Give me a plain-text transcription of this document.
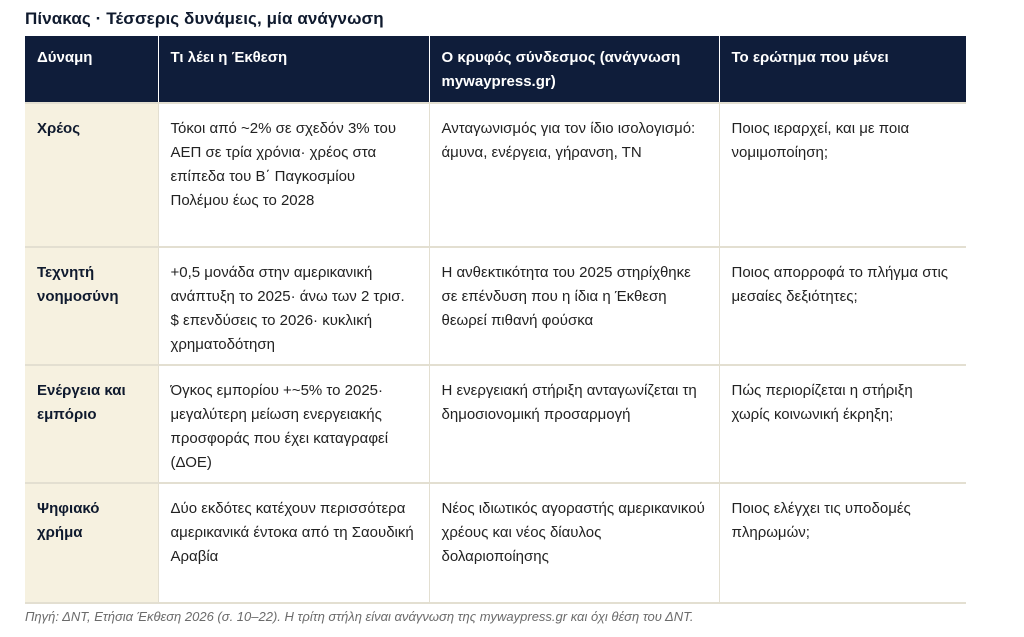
Πίνακας · Τέσσερις δυνάμεις, μία ανάγνωση
Δύναμη	Τι λέει η Έκθεση	Ο κρυφός σύνδεσμος (ανάγνωση mywaypress.gr)	Το ερώτημα που μένει
Χρέος	Τόκοι από ~2% σε σχεδόν 3% του ΑΕΠ σε τρία χρόνια· χρέος στα επίπεδα του Β΄ Παγκοσμίου Πολέμου έως το 2028	Ανταγωνισμός για τον ίδιο ισολογισμό: άμυνα, ενέργεια, γήρανση, ΤΝ	Ποιος ιεραρχεί, και με ποια νομιμοποίηση;
Τεχνητή νοημοσύνη	+0,5 μονάδα στην αμερικανική ανάπτυξη το 2025· άνω των 2 τρισ. $ επενδύσεις το 2026· κυκλική χρηματοδότηση	Η ανθεκτικότητα του 2025 στηρίχθηκε σε επένδυση που η ίδια η Έκθεση θεωρεί πιθανή φούσκα	Ποιος απορροφά το πλήγμα στις μεσαίες δεξιότητες;
Ενέργεια και εμπόριο	Όγκος εμπορίου +~5% το 2025· μεγαλύτερη μείωση ενεργειακής προσφοράς που έχει καταγραφεί (ΔΟΕ)	Η ενεργειακή στήριξη ανταγωνίζεται τη δημοσιονομική προσαρμογή	Πώς περιορίζεται η στήριξη χωρίς κοινωνική έκρηξη;
Ψηφιακό χρήμα	Δύο εκδότες κατέχουν περισσότερα αμερικανικά έντοκα από τη Σαουδική Αραβία	Νέος ιδιωτικός αγοραστής αμερικανικού χρέους και νέος δίαυλος δολαριοποίησης	Ποιος ελέγχει τις υποδομές πληρωμών;
Πηγή: ΔΝΤ, Ετήσια Έκθεση 2026 (σ. 10–22). Η τρίτη στήλη είναι ανάγνωση της mywaypress.gr και όχι θέση του ΔΝΤ.
